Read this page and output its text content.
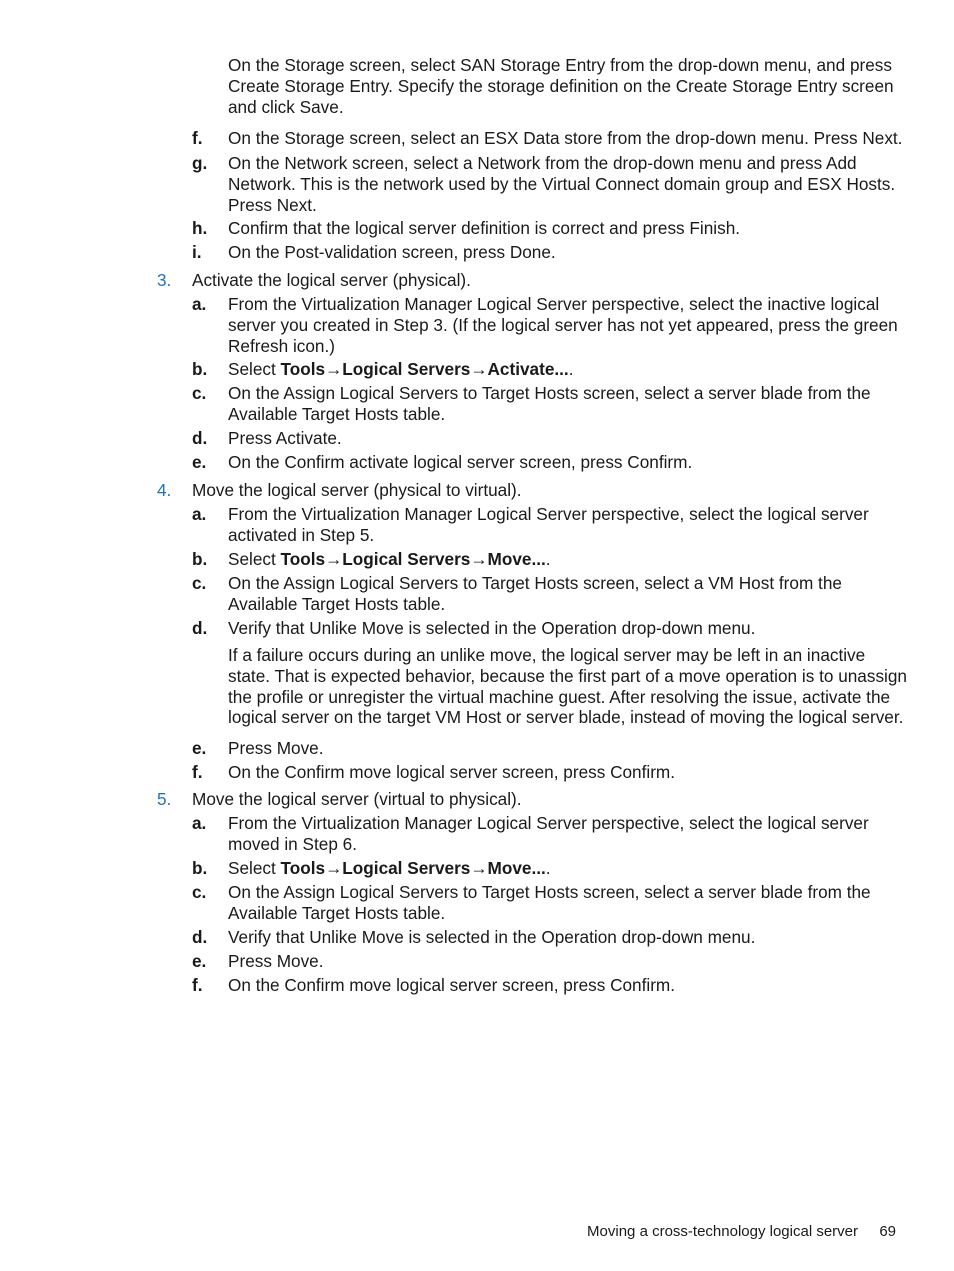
On the Storage screen, select SAN Storage Entry from the drop-down menu, and press Create Storage Entry. Specify the storage definition on the Create Storage Entry screen and click Save.
f.	On the Storage screen, select an ESX Data store from the drop-down menu. Press Next.
g.	On the Network screen, select a Network from the drop-down menu and press Add Network. This is the network used by the Virtual Connect domain group and ESX Hosts. Press Next.
h.	Confirm that the logical server definition is correct and press Finish.
i.	On the Post-validation screen, press Done.
3.	Activate the logical server (physical).
a.	From the Virtualization Manager Logical Server perspective, select the inactive logical server you created in Step 3. (If the logical server has not yet appeared, press the green Refresh icon.)
b.	Select Tools→Logical Servers→Activate....
c.	On the Assign Logical Servers to Target Hosts screen, select a server blade from the Available Target Hosts table.
d.	Press Activate.
e.	On the Confirm activate logical server screen, press Confirm.
4.	Move the logical server (physical to virtual).
a.	From the Virtualization Manager Logical Server perspective, select the logical server activated in Step 5.
b.	Select Tools→Logical Servers→Move....
c.	On the Assign Logical Servers to Target Hosts screen, select a VM Host from the Available Target Hosts table.
d.	Verify that Unlike Move is selected in the Operation drop-down menu.
If a failure occurs during an unlike move, the logical server may be left in an inactive state. That is expected behavior, because the first part of a move operation is to unassign the profile or unregister the virtual machine guest. After resolving the issue, activate the logical server on the target VM Host or server blade, instead of moving the logical server.
e.	Press Move.
f.	On the Confirm move logical server screen, press Confirm.
5.	Move the logical server (virtual to physical).
a.	From the Virtualization Manager Logical Server perspective, select the logical server moved in Step 6.
b.	Select Tools→Logical Servers→Move....
c.	On the Assign Logical Servers to Target Hosts screen, select a server blade from the Available Target Hosts table.
d.	Verify that Unlike Move is selected in the Operation drop-down menu.
e.	Press Move.
f.	On the Confirm move logical server screen, press Confirm.
Moving a cross-technology logical server	69
